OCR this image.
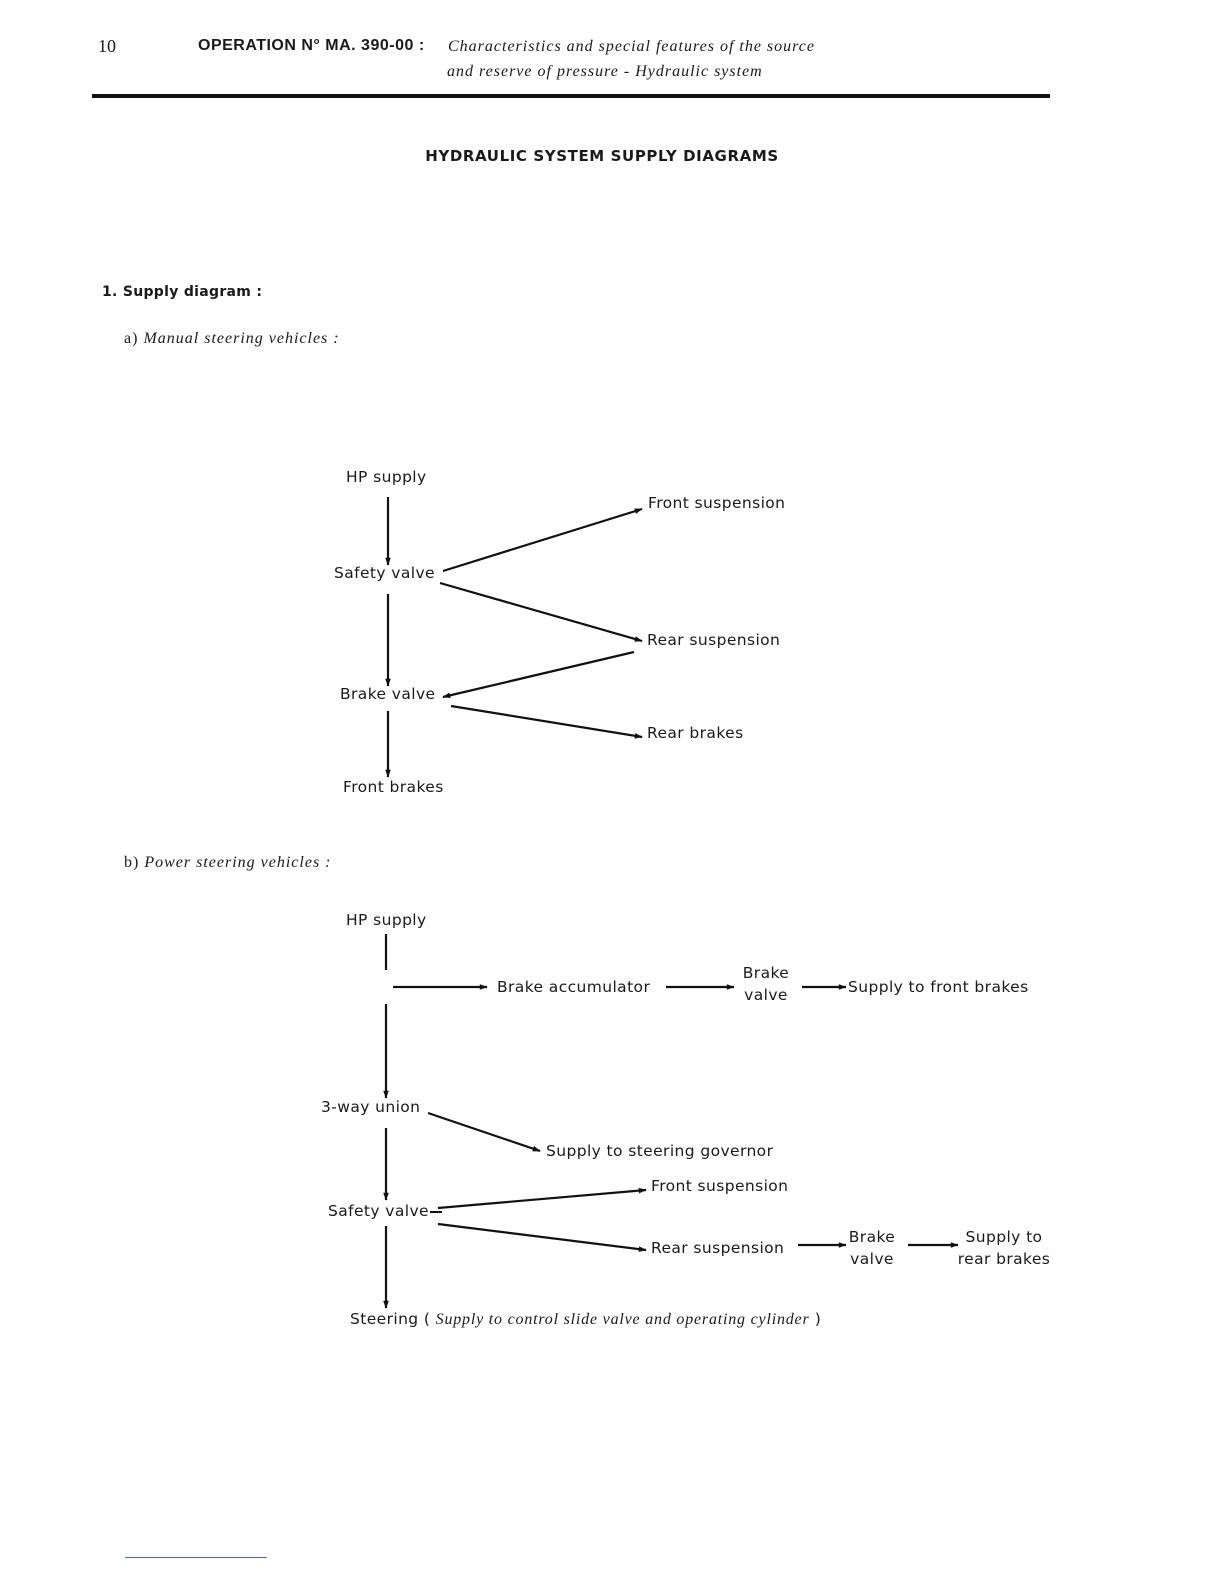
10	OPERATION N° MA. 390-00 : Characteristics and special features of the source
and reserve of pressure - Hydraulic system
HYDRAULIC SYSTEM SUPPLY DIAGRAMS
1. Supply diagram :
a) Manual steering vehicles :
HP supply
Front suspension
Safety valve
Rear suspension
Brake valve
Rear brakes
Front brakes
b) Power steering vehicles :
HP supply
Brake accumulator
Brake
valve	Supply to front brakes
3-way union
Supply to steering governor
Front suspension
Safety valve
Rear suspension
Brake
valve
Supply to
rear brakes
Steering ( Supply to control slide valve and operating cylinder )
